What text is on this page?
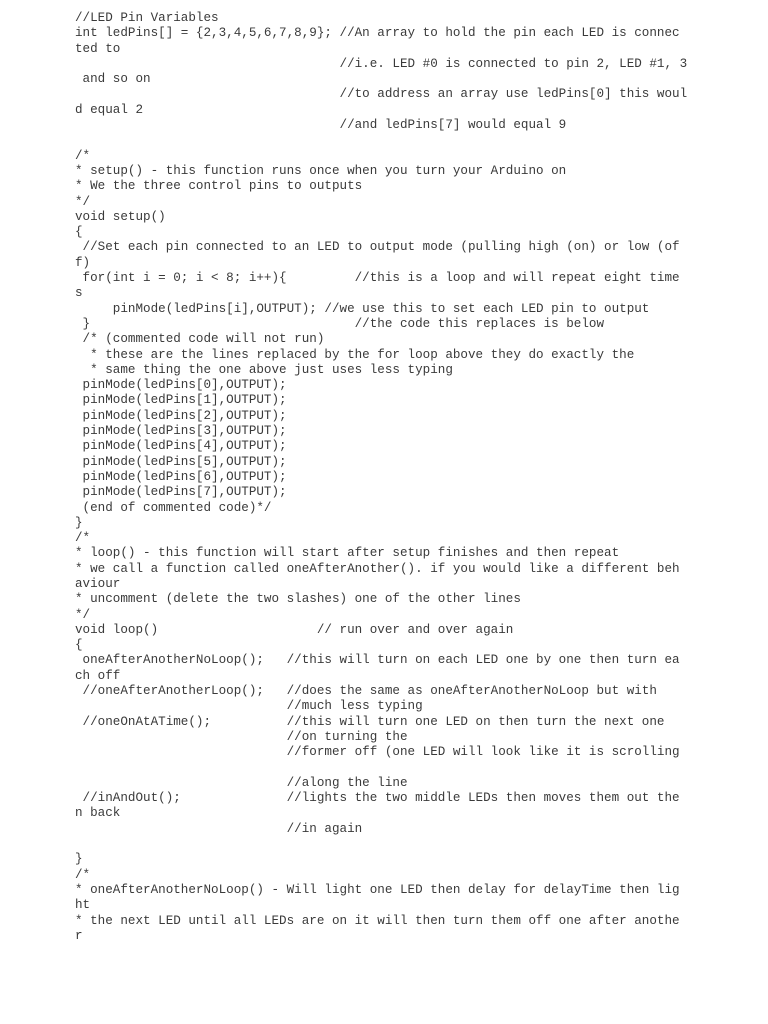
//LED Pin Variables
int ledPins[] = {2,3,4,5,6,7,8,9}; //An array to hold the pin each LED is connec
ted to
//i.e. LED #0 is connected to pin 2, LED #1, 3
and so on
//to address an array use ledPins[0] this woul
d equal 2
//and ledPins[7] would equal 9
/*
* setup() - this function runs once when you turn your Arduino on
* We the three control pins to outputs
*/
void setup()
{
//Set each pin connected to an LED to output mode (pulling high (on) or low (of
f)
for(int i = 0; i < 8; i++){         //this is a loop and will repeat eight time
s
pinMode(ledPins[i],OUTPUT); //we use this to set each LED pin to output
}                                   //the code this replaces is below
/* (commented code will not run)
* these are the lines replaced by the for loop above they do exactly the
* same thing the one above just uses less typing
pinMode(ledPins[0],OUTPUT);
pinMode(ledPins[1],OUTPUT);
pinMode(ledPins[2],OUTPUT);
pinMode(ledPins[3],OUTPUT);
pinMode(ledPins[4],OUTPUT);
pinMode(ledPins[5],OUTPUT);
pinMode(ledPins[6],OUTPUT);
pinMode(ledPins[7],OUTPUT);
(end of commented code)*/
}
/*
* loop() - this function will start after setup finishes and then repeat
* we call a function called oneAfterAnother(). if you would like a different beh
aviour
* uncomment (delete the two slashes) one of the other lines
*/
void loop()                     // run over and over again
{
oneAfterAnotherNoLoop();   //this will turn on each LED one by one then turn ea
ch off
//oneAfterAnotherLoop();   //does the same as oneAfterAnotherNoLoop but with
//much less typing
//oneOnAtATime();          //this will turn one LED on then turn the next one
//on turning the
//former off (one LED will look like it is scrolling
//along the line
//inAndOut();              //lights the two middle LEDs then moves them out the
n back
//in again
}
/*
* oneAfterAnotherNoLoop() - Will light one LED then delay for delayTime then lig
ht
* the next LED until all LEDs are on it will then turn them off one after anothe
r
